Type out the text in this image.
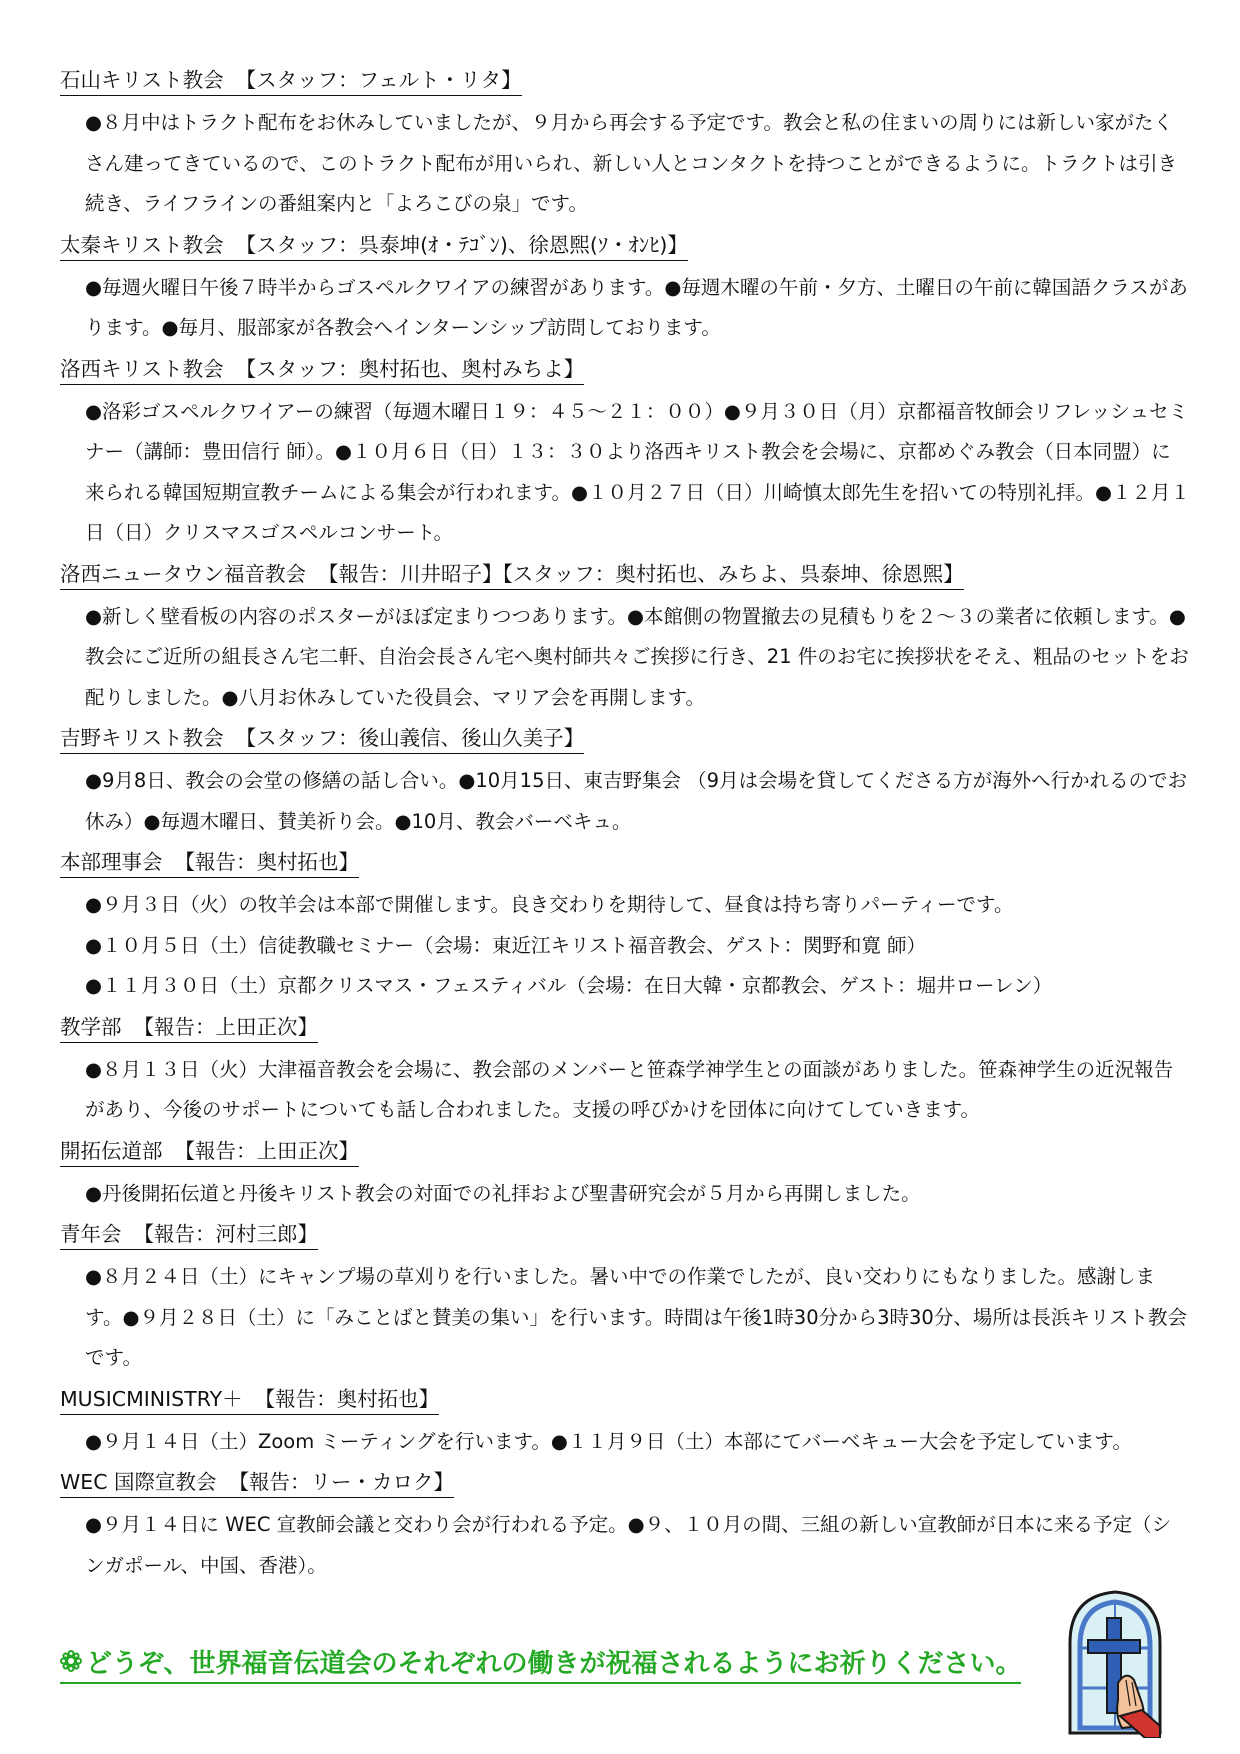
石山キリスト教会 【スタッフ：フェルト・リタ】
●８月中はトラクト配布をお休みしていましたが、９月から再会する予定です。教会と私の住まいの周りには新しい家がたくさん建ってきているので、このトラクト配布が用いられ、新しい人とコンタクトを持つことができるように。トラクトは引き続き、ライフラインの番組案内と「よろこびの泉」です。
太秦キリスト教会 【スタッフ：呉泰坤(ｵ・ﾃｺﾞﾝ)、徐恩煕(ｿ・ｵﾝﾋ)】
●毎週火曜日午後７時半からゴスペルクワイアの練習があります。●毎週木曜の午前・夕方、土曜日の午前に韓国語クラスがあります。●毎月、服部家が各教会へインターンシップ訪問しております。
洛西キリスト教会 【スタッフ：奥村拓也、奥村みちよ】
●洛彩ゴスペルクワイアーの練習（毎週木曜日１９：４５～２１：００）●９月３０日（月）京都福音牧師会リフレッシュセミナー（講師：豊田信行 師）。●１０月６日（日）１３：３０より洛西キリスト教会を会場に、京都めぐみ教会（日本同盟）に来られる韓国短期宣教チームによる集会が行われます。●１０月２７日（日）川崎慎太郎先生を招いての特別礼拝。●１２月１日（日）クリスマスゴスペルコンサート。
洛西ニュータウン福音教会 【報告：川井昭子】【スタッフ：奥村拓也、みちよ、呉泰坤、徐恩煕】
●新しく壁看板の内容のポスターがほぼ定まりつつあります。●本館側の物置撤去の見積もりを２～３の業者に依頼します。●教会にご近所の組長さん宅二軒、自治会長さん宅へ奥村師共々ご挨拶に行き、21 件のお宅に挨拶状をそえ、粗品のセットをお配りしました。●八月お休みしていた役員会、マリア会を再開します。
吉野キリスト教会 【スタッフ：後山義信、後山久美子】
●9月8日、教会の会堂の修繕の話し合い。●10月15日、東吉野集会 （9月は会場を貸してくださる方が海外へ行かれるのでお休み）●毎週木曜日、賛美祈り会。●10月、教会バーベキュ。
本部理事会 【報告：奥村拓也】
●９月３日（火）の牧羊会は本部で開催します。良き交わりを期待して、昼食は持ち寄りパーティーです。
●１０月５日（土）信徒教職セミナー（会場：東近江キリスト福音教会、ゲスト：関野和寛 師）
●１１月３０日（土）京都クリスマス・フェスティバル（会場：在日大韓・京都教会、ゲスト：堀井ローレン）
教学部 【報告：上田正次】
●８月１３日（火）大津福音教会を会場に、教会部のメンバーと笹森学神学生との面談がありました。笹森神学生の近況報告があり、今後のサポートについても話し合われました。支援の呼びかけを団体に向けてしていきます。
開拓伝道部 【報告：上田正次】
●丹後開拓伝道と丹後キリスト教会の対面での礼拝および聖書研究会が５月から再開しました。
青年会 【報告：河村三郎】
●８月２４日（土）にキャンプ場の草刈りを行いました。暑い中での作業でしたが、良い交わりにもなりました。感謝します。●９月２８日（土）に「みことばと賛美の集い」を行います。時間は午後1時30分から3時30分、場所は長浜キリスト教会です。
MUSICMINISTRY＋ 【報告：奥村拓也】
●９月１４日（土）Zoom ミーティングを行います。●１１月９日（土）本部にてバーベキュー大会を予定しています。
WEC 国際宣教会 【報告：リー・カロク】
●９月１４日に WEC 宣教師会議と交わり会が行われる予定。●９、１０月の間、三組の新しい宣教師が日本に来る予定（シンガポール、中国、香港）。
どうぞ、世界福音伝道会のそれぞれの働きが祝福されるようにお祈りください。
